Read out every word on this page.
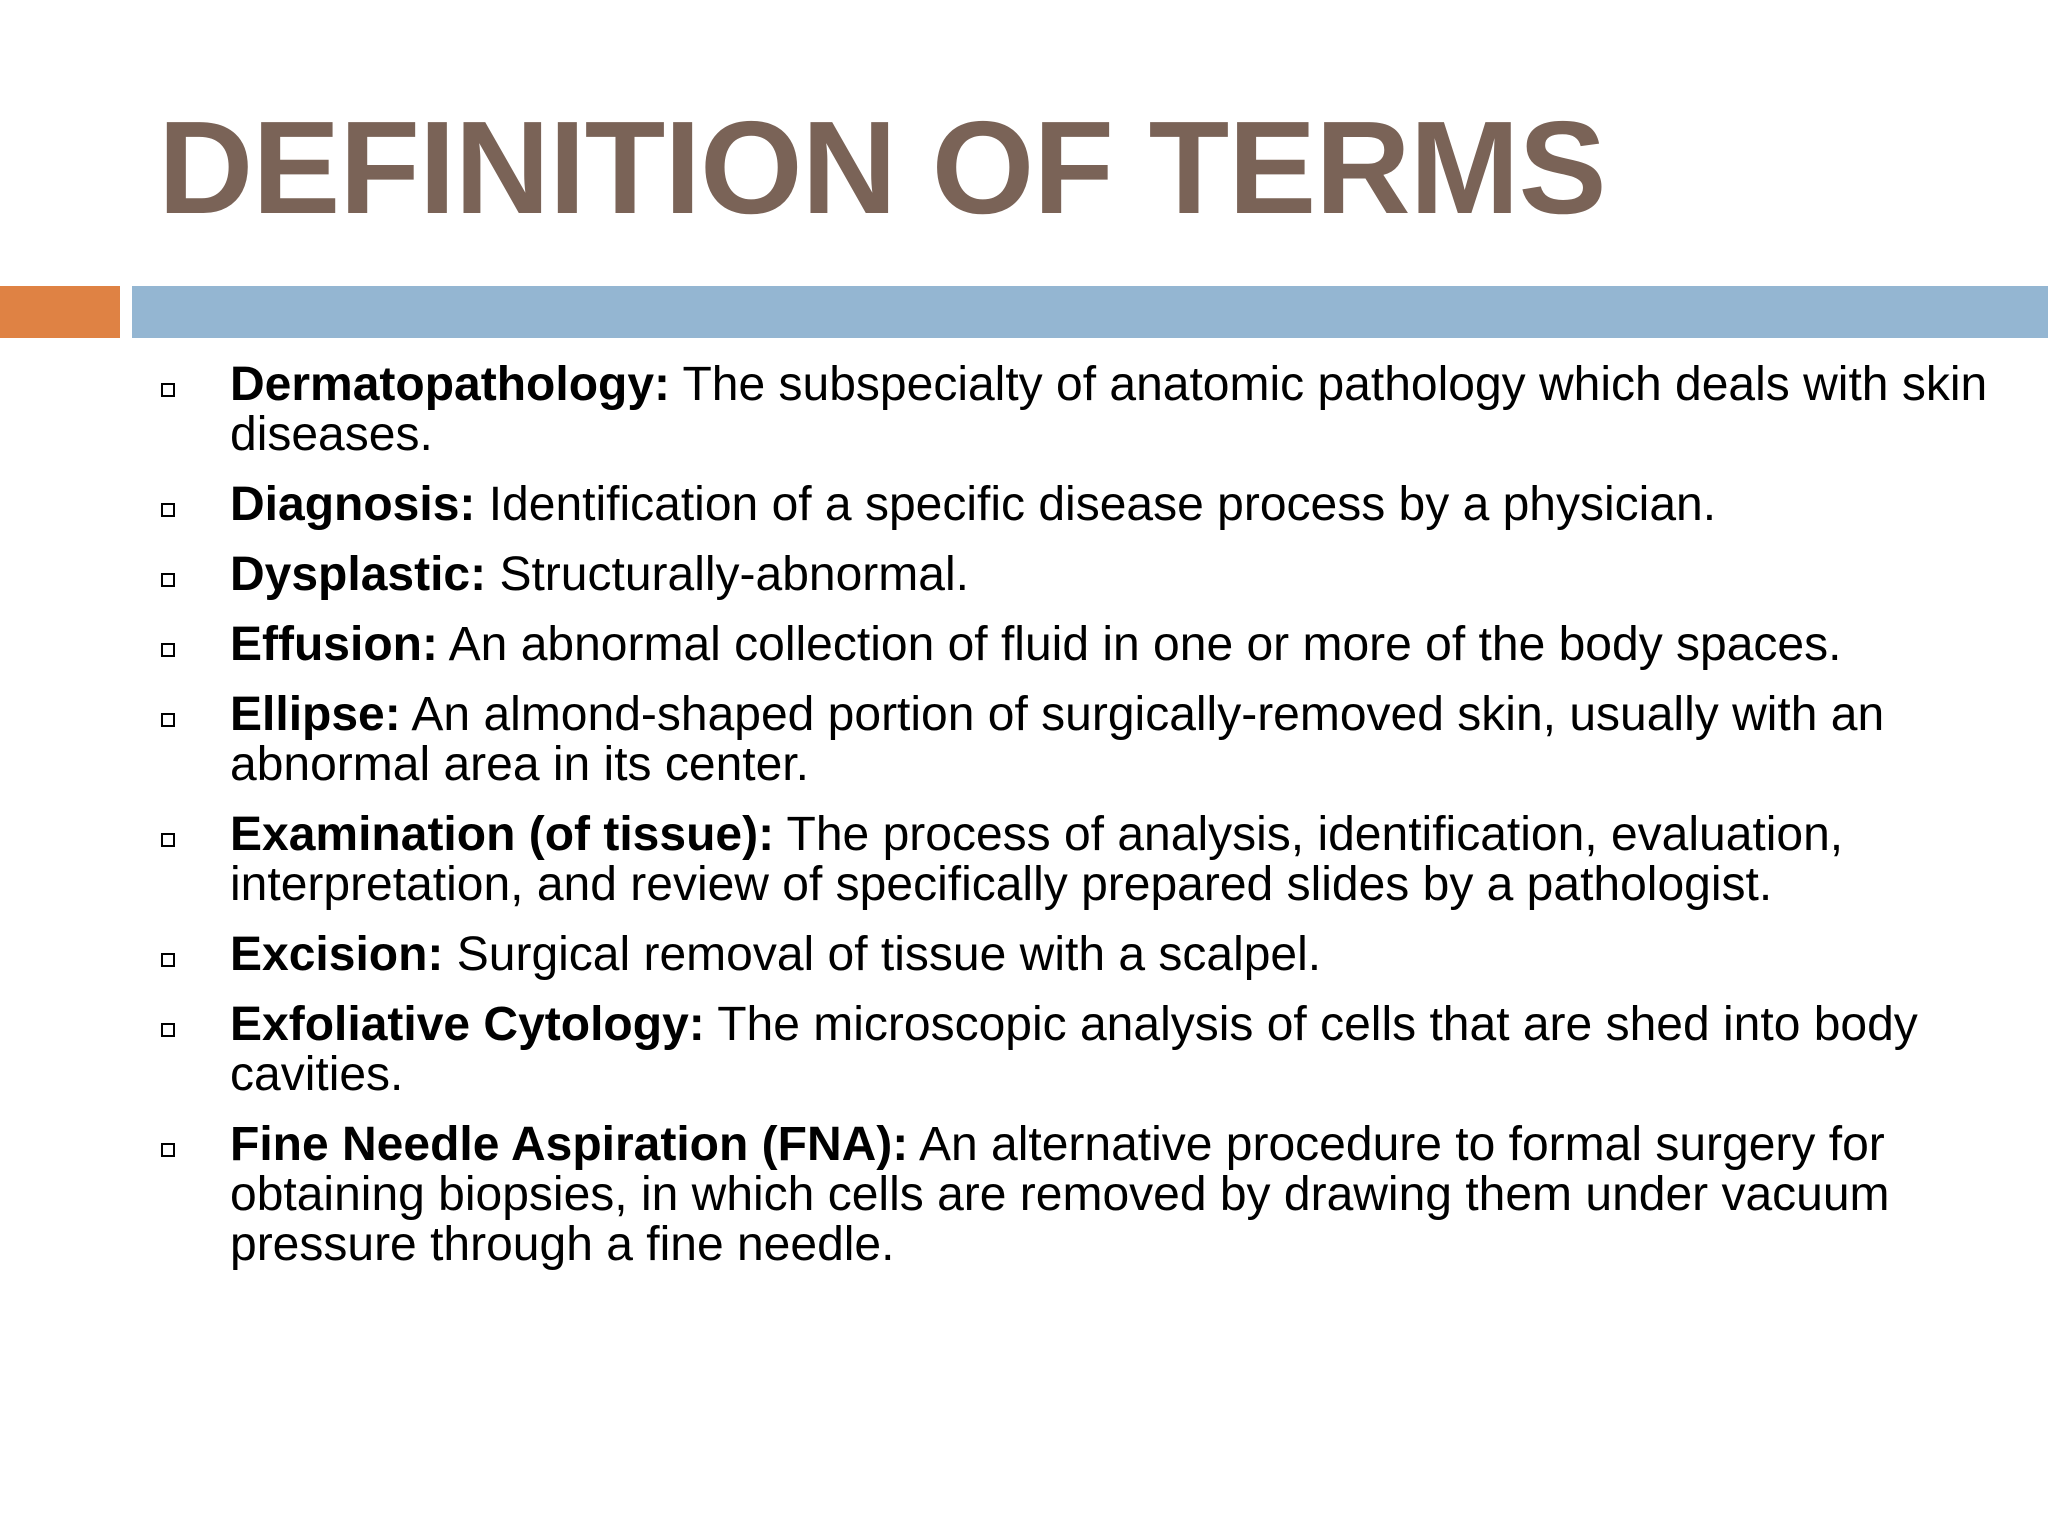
DEFINITION OF TERMS
Dermatopathology: The subspecialty of anatomic pathology which deals with skin diseases.
Diagnosis: Identification of a specific disease process by a physician.
Dysplastic: Structurally-abnormal.
Effusion: An abnormal collection of fluid in one or more of the body spaces.
Ellipse: An almond-shaped portion of surgically-removed skin, usually with an abnormal area in its center.
Examination (of tissue): The process of analysis, identification, evaluation, interpretation, and review of specifically prepared slides by a pathologist.
Excision: Surgical removal of tissue with a scalpel.
Exfoliative Cytology: The microscopic analysis of cells that are shed into body cavities.
Fine Needle Aspiration (FNA): An alternative procedure to formal surgery for obtaining biopsies, in which cells are removed by drawing them under vacuum pressure through a fine needle.
